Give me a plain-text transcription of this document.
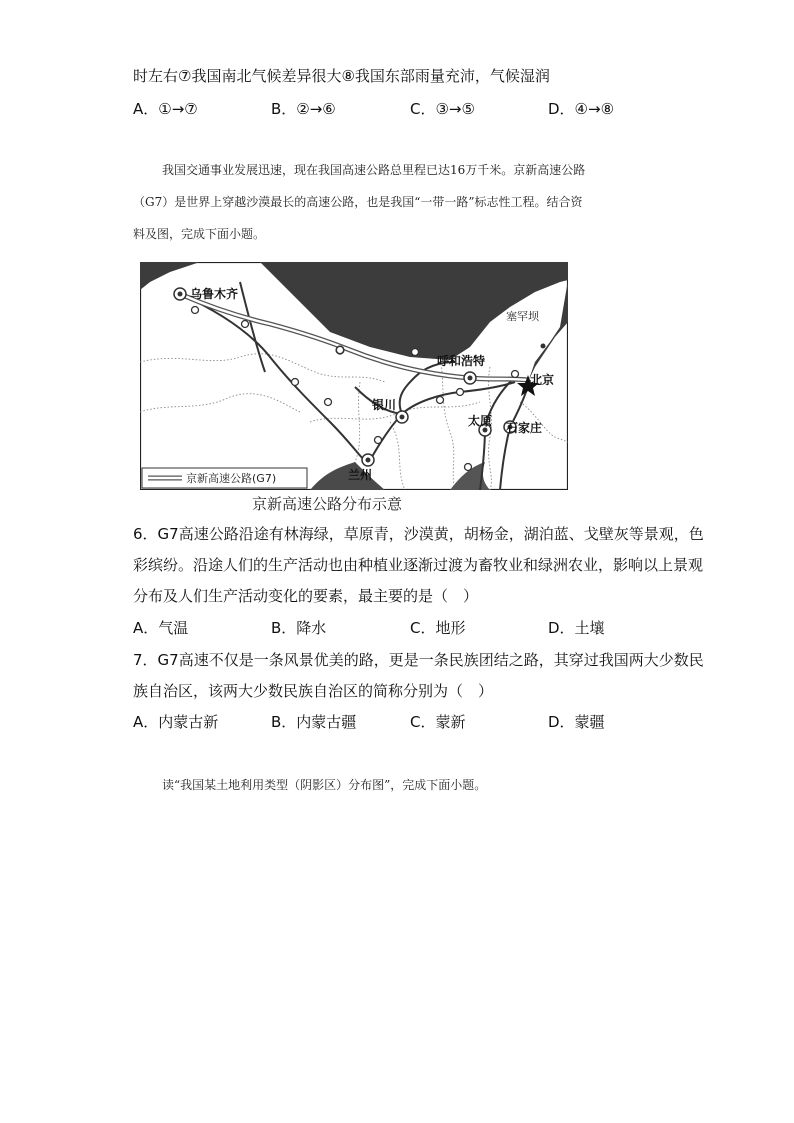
时左右⑦我国南北气候差异很大⑧我国东部雨量充沛，气候湿润
A．①→⑦	B．②→⑥	C．③→⑤	D．④→⑧
我国交通事业发展迅速，现在我国高速公路总里程已达16万千米。京新高速公路
（G7）是世界上穿越沙漠最长的高速公路，也是我国“一带一路”标志性工程。结合资
料及图，完成下面小题。
乌鲁木齐
塞罕坝
呼和浩特
北京
银川
太原 石家庄
兰州
京新高速公路(G7)
京新高速公路分布示意
6．G7高速公路沿途有林海绿，草原青，沙漠黄，胡杨金，湖泊蓝、戈壁灰等景观，色
彩缤纷。沿途人们的生产活动也由种植业逐渐过渡为畜牧业和绿洲农业，影响以上景观
分布及人们生产活动变化的要素，最主要的是（　）
A．气温	B．降水	C．地形	D．土壤
7．G7高速不仅是一条风景优美的路，更是一条民族团结之路，其穿过我国两大少数民
族自治区，该两大少数民族自治区的简称分别为（　）
A．内蒙古新	B．内蒙古疆	C．蒙新	D．蒙疆
读“我国某土地利用类型（阴影区）分布图”，完成下面小题。
